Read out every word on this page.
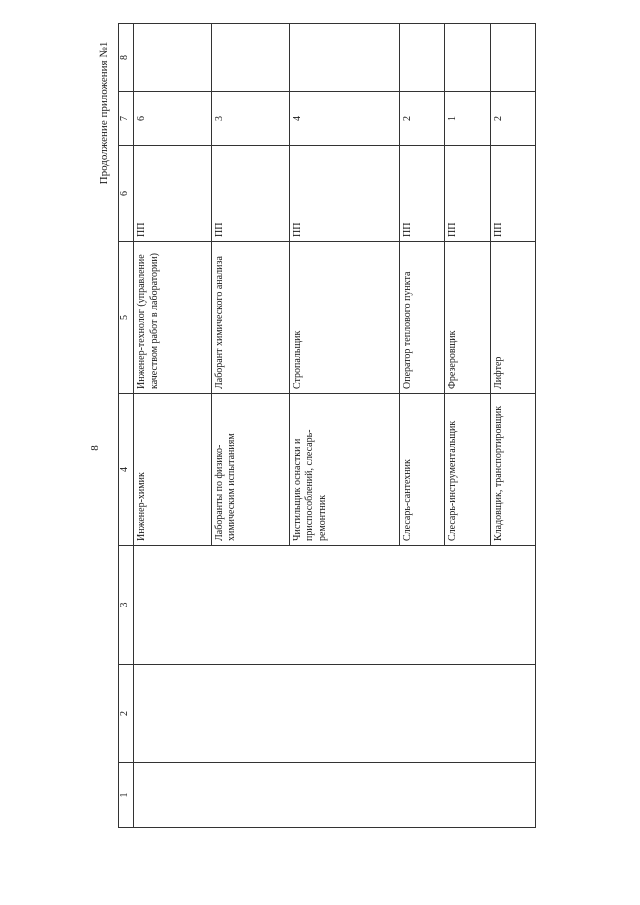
8
Продолжение приложения №1
1	2	3	4	5	6	7	8
			Инженер-химик	Инженер-технолог (управление качеством работ в лаборатории)	ПП	6	
			Лаборанты по физико-химическим испытаниям	Лаборант химического анализа	ПП	3	
			Чистильщик оснастки и приспособлений, слесарь-ремонтник	Стропальщик	ПП	4	
			Слесарь-сантехник	Оператор теплового пункта	ПП	2	
			Слесарь-инструментальщик	Фрезеровщик	ПП	1	
			Кладовщик, транспортировщик	Лифтер	ПП	2	
